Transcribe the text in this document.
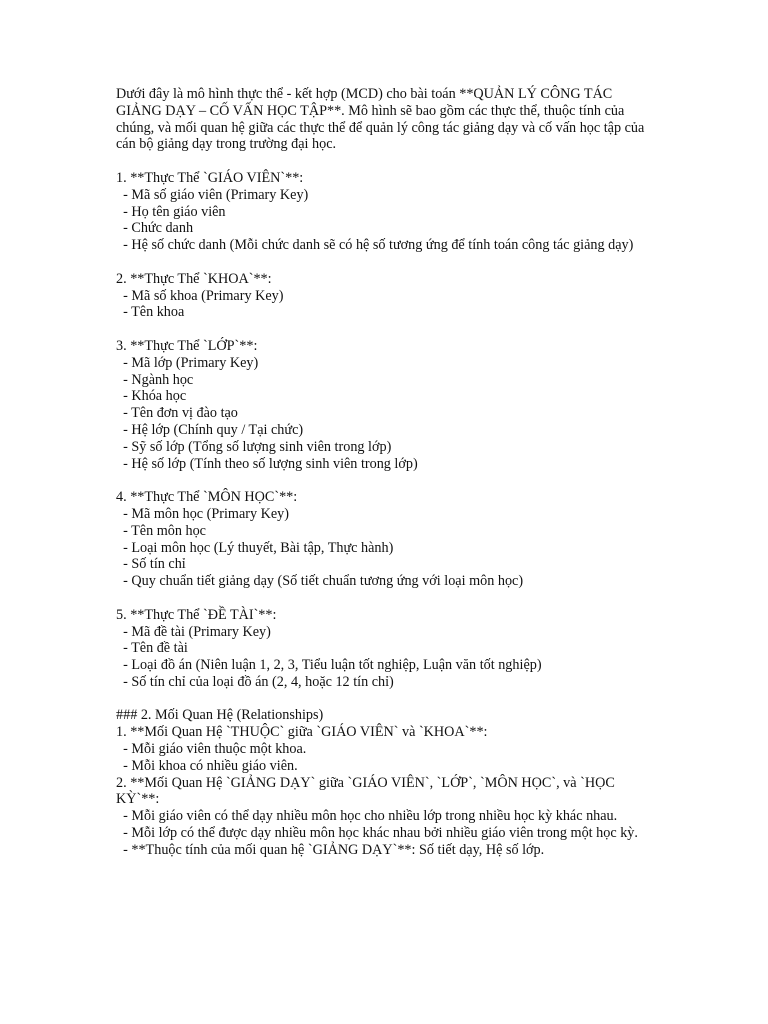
Dưới đây là mô hình thực thể - kết hợp (MCD) cho bài toán **QUẢN LÝ CÔNG TÁC GIẢNG DẠY – CỐ VẤN HỌC TẬP**. Mô hình sẽ bao gồm các thực thể, thuộc tính của chúng, và mối quan hệ giữa các thực thể để quản lý công tác giảng dạy và cố vấn học tập của cán bộ giảng dạy trong trường đại học.

1. **Thực Thể `GIÁO VIÊN`**:

- Mã số giáo viên (Primary Key)

- Họ tên giáo viên

- Chức danh

- Hệ số chức danh (Mỗi chức danh sẽ có hệ số tương ứng để tính toán công tác giảng dạy)

2. **Thực Thể `KHOA`**:

- Mã số khoa (Primary Key)

- Tên khoa

3. **Thực Thể `LỚP`**:

- Mã lớp (Primary Key)

- Ngành học

- Khóa học

- Tên đơn vị đào tạo

- Hệ lớp (Chính quy / Tại chức)

- Sỹ số lớp (Tổng số lượng sinh viên trong lớp)

- Hệ số lớp (Tính theo số lượng sinh viên trong lớp)

4. **Thực Thể `MÔN HỌC`**:

- Mã môn học (Primary Key)

- Tên môn học

- Loại môn học (Lý thuyết, Bài tập, Thực hành)

- Số tín chỉ

- Quy chuẩn tiết giảng dạy (Số tiết chuẩn tương ứng với loại môn học)

5. **Thực Thể `ĐỀ TÀI`**:

- Mã đề tài (Primary Key)

- Tên đề tài

- Loại đồ án (Niên luận 1, 2, 3, Tiểu luận tốt nghiệp, Luận văn tốt nghiệp)

- Số tín chỉ của loại đồ án (2, 4, hoặc 12 tín chỉ)

### 2. Mối Quan Hệ (Relationships)

1. **Mối Quan Hệ `THUỘC` giữa `GIÁO VIÊN` và `KHOA`**:

- Mỗi giáo viên thuộc một khoa.

- Mỗi khoa có nhiều giáo viên.

2. **Mối Quan Hệ `GIẢNG DẠY` giữa `GIÁO VIÊN`, `LỚP`, `MÔN HỌC`, và `HỌC KỲ`**:

- Mỗi giáo viên có thể dạy nhiều môn học cho nhiều lớp trong nhiều học kỳ khác nhau.

- Mỗi lớp có thể được dạy nhiều môn học khác nhau bởi nhiều giáo viên trong một học kỳ.

- **Thuộc tính của mối quan hệ `GIẢNG DẠY`**: Số tiết dạy, Hệ số lớp.
